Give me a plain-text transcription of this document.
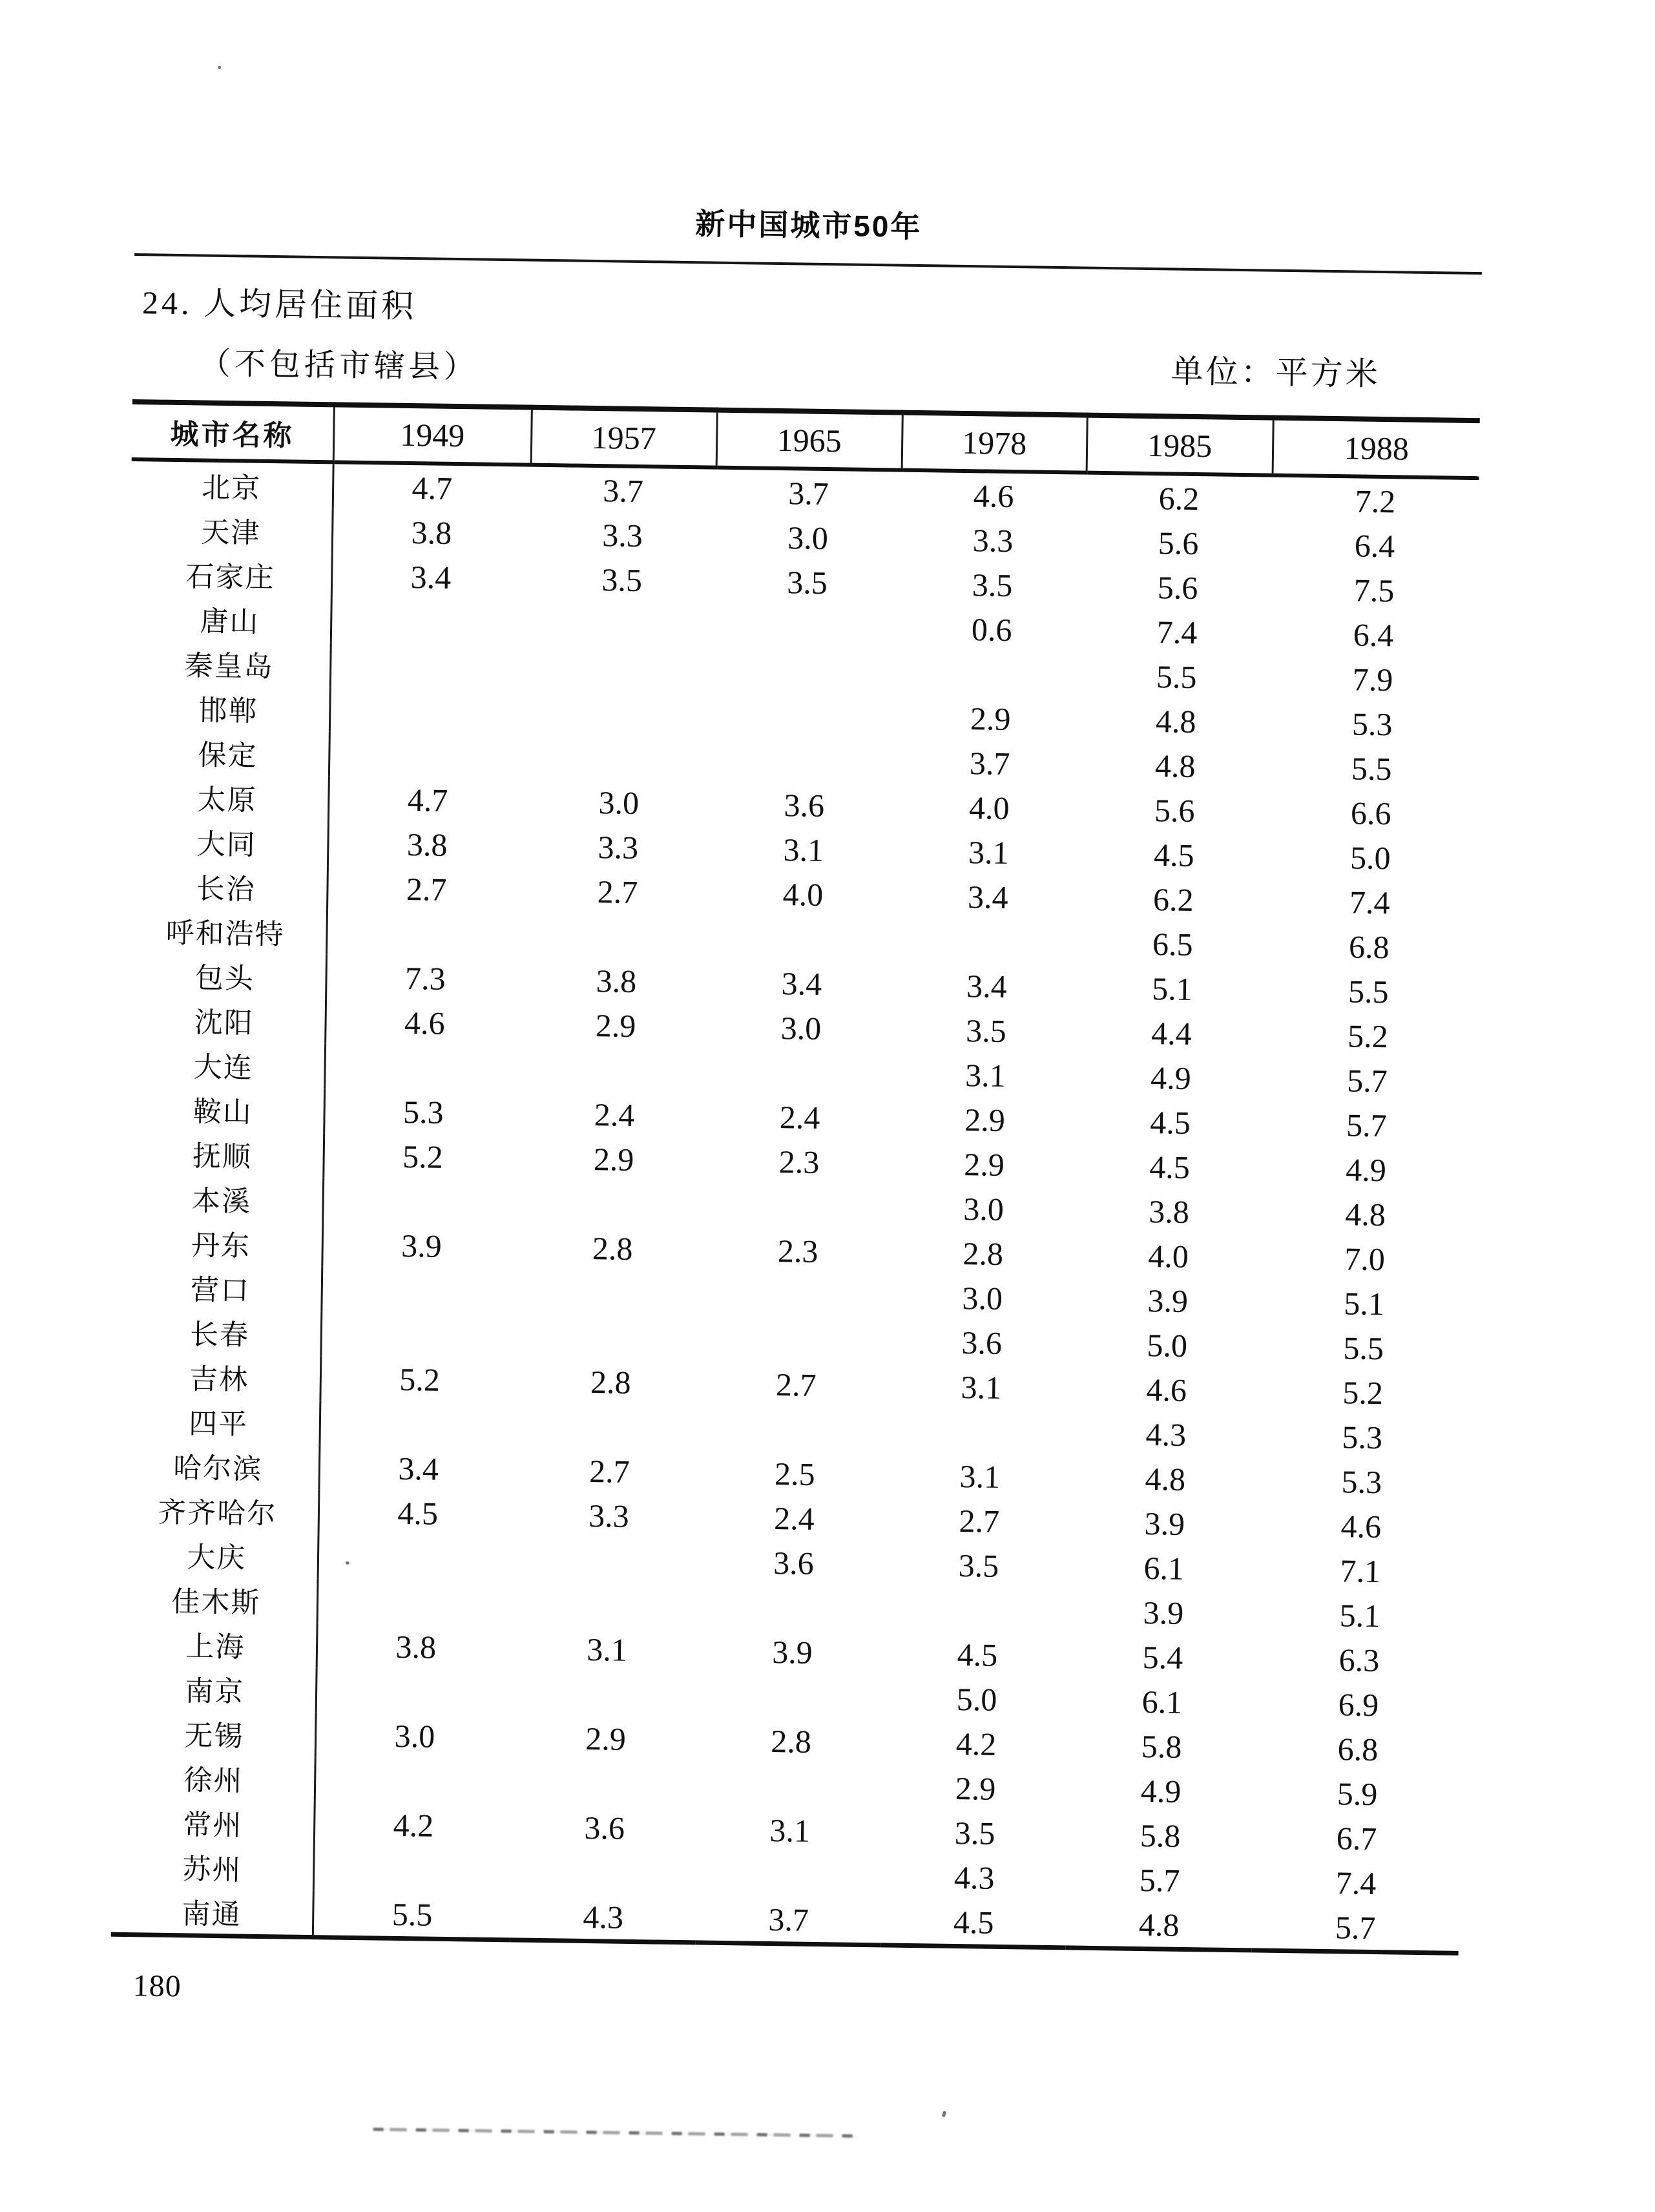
新中国城市50年
24. 人均居住面积
（不包括市辖县）	单位：平方米
城市名称	1949	1957	1965	1978	1985	1988
北京	4.7	3.7	3.7	4.6	6.2	7.2
天津	3.8	3.3	3.0	3.3	5.6	6.4
石家庄	3.4	3.5	3.5	3.5	5.6	7.5
唐山				0.6	7.4	6.4
秦皇岛					5.5	7.9
邯郸				2.9	4.8	5.3
保定				3.7	4.8	5.5
太原	4.7	3.0	3.6	4.0	5.6	6.6
大同	3.8	3.3	3.1	3.1	4.5	5.0
长治	2.7	2.7	4.0	3.4	6.2	7.4
呼和浩特					6.5	6.8
包头	7.3	3.8	3.4	3.4	5.1	5.5
沈阳	4.6	2.9	3.0	3.5	4.4	5.2
大连				3.1	4.9	5.7
鞍山	5.3	2.4	2.4	2.9	4.5	5.7
抚顺	5.2	2.9	2.3	2.9	4.5	4.9
本溪				3.0	3.8	4.8
丹东	3.9	2.8	2.3	2.8	4.0	7.0
营口				3.0	3.9	5.1
长春				3.6	5.0	5.5
吉林	5.2	2.8	2.7	3.1	4.6	5.2
四平					4.3	5.3
哈尔滨	3.4	2.7	2.5	3.1	4.8	5.3
齐齐哈尔	4.5	3.3	2.4	2.7	3.9	4.6
大庆			3.6	3.5	6.1	7.1
佳木斯					3.9	5.1
上海	3.8	3.1	3.9	4.5	5.4	6.3
南京				5.0	6.1	6.9
无锡	3.0	2.9	2.8	4.2	5.8	6.8
徐州				2.9	4.9	5.9
常州	4.2	3.6	3.1	3.5	5.8	6.7
苏州				4.3	5.7	7.4
南通	5.5	4.3	3.7	4.5	4.8	5.7
180
